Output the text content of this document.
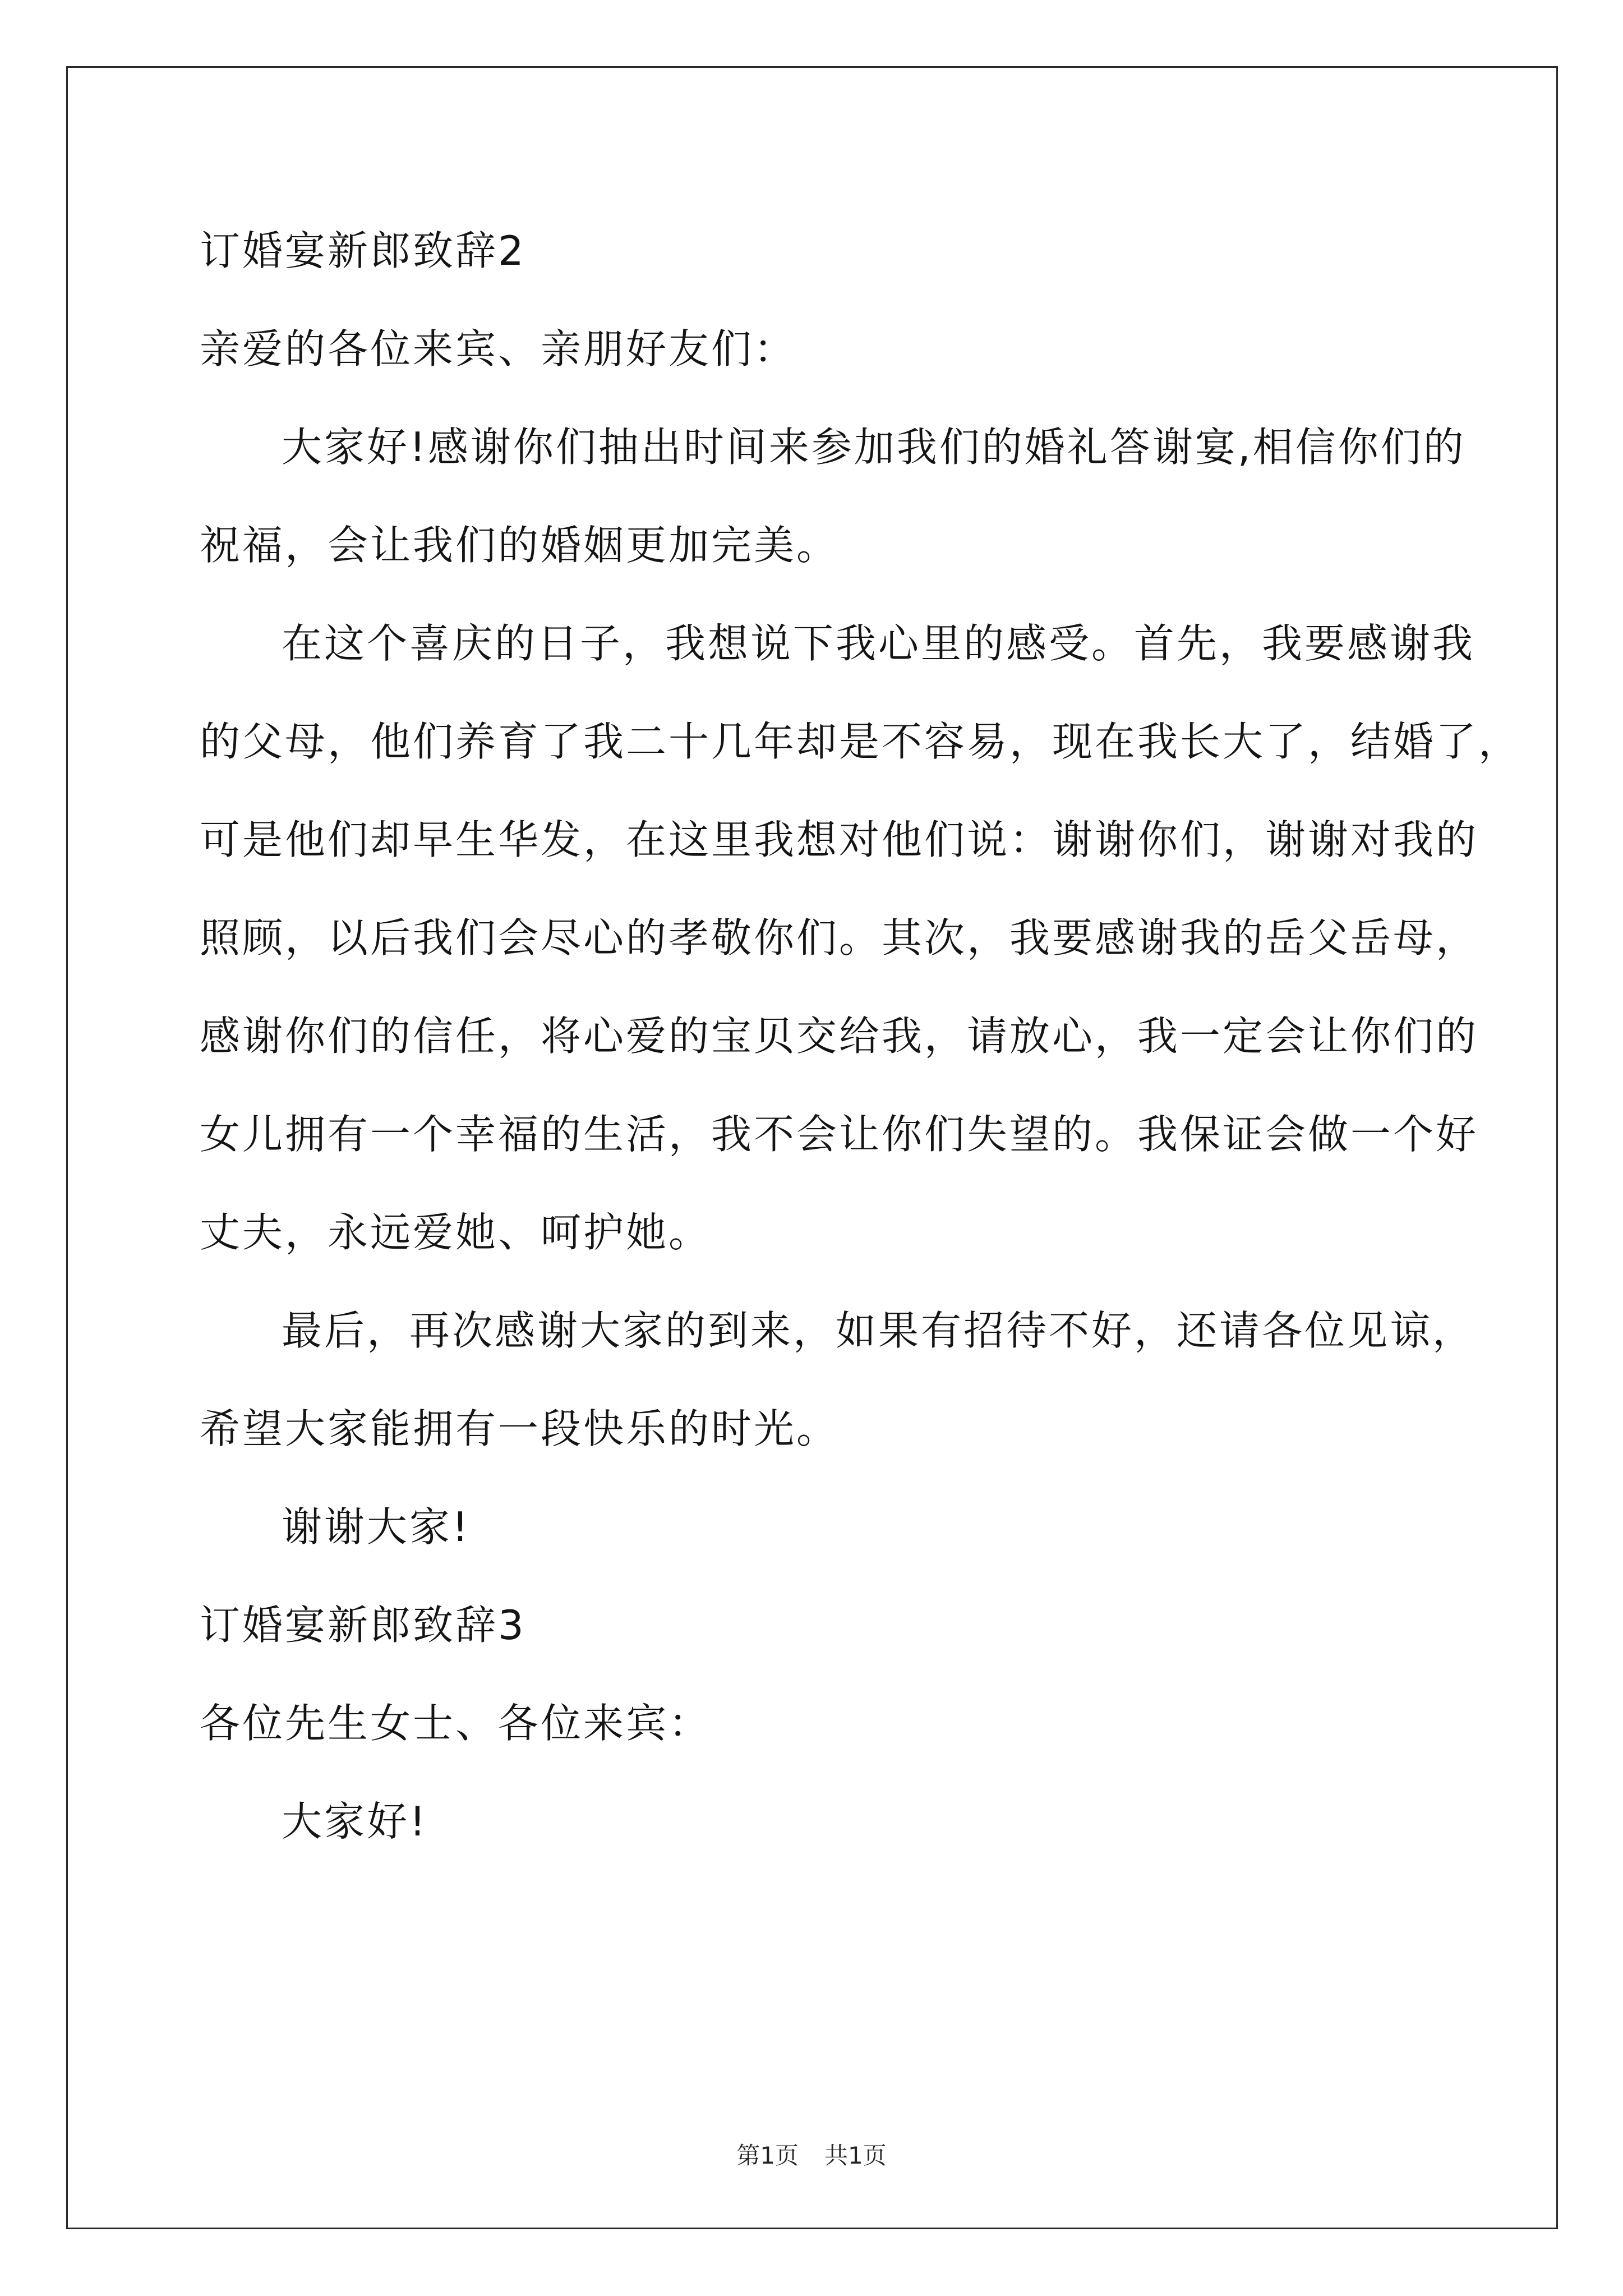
订婚宴新郎致辞2
亲爱的各位来宾、亲朋好友们：
大家好!感谢你们抽出时间来参加我们的婚礼答谢宴,相信你们的
祝福，会让我们的婚姻更加完美。
在这个喜庆的日子，我想说下我心里的感受。首先，我要感谢我
的父母，他们养育了我二十几年却是不容易，现在我长大了，结婚了，
可是他们却早生华发，在这里我想对他们说：谢谢你们，谢谢对我的
照顾，以后我们会尽心的孝敬你们。其次，我要感谢我的岳父岳母，
感谢你们的信任，将心爱的宝贝交给我，请放心，我一定会让你们的
女儿拥有一个幸福的生活，我不会让你们失望的。我保证会做一个好
丈夫，永远爱她、呵护她。
最后，再次感谢大家的到来，如果有招待不好，还请各位见谅，
希望大家能拥有一段快乐的时光。
谢谢大家!
订婚宴新郎致辞3
各位先生女士、各位来宾：
大家好!
第1页 共1页
